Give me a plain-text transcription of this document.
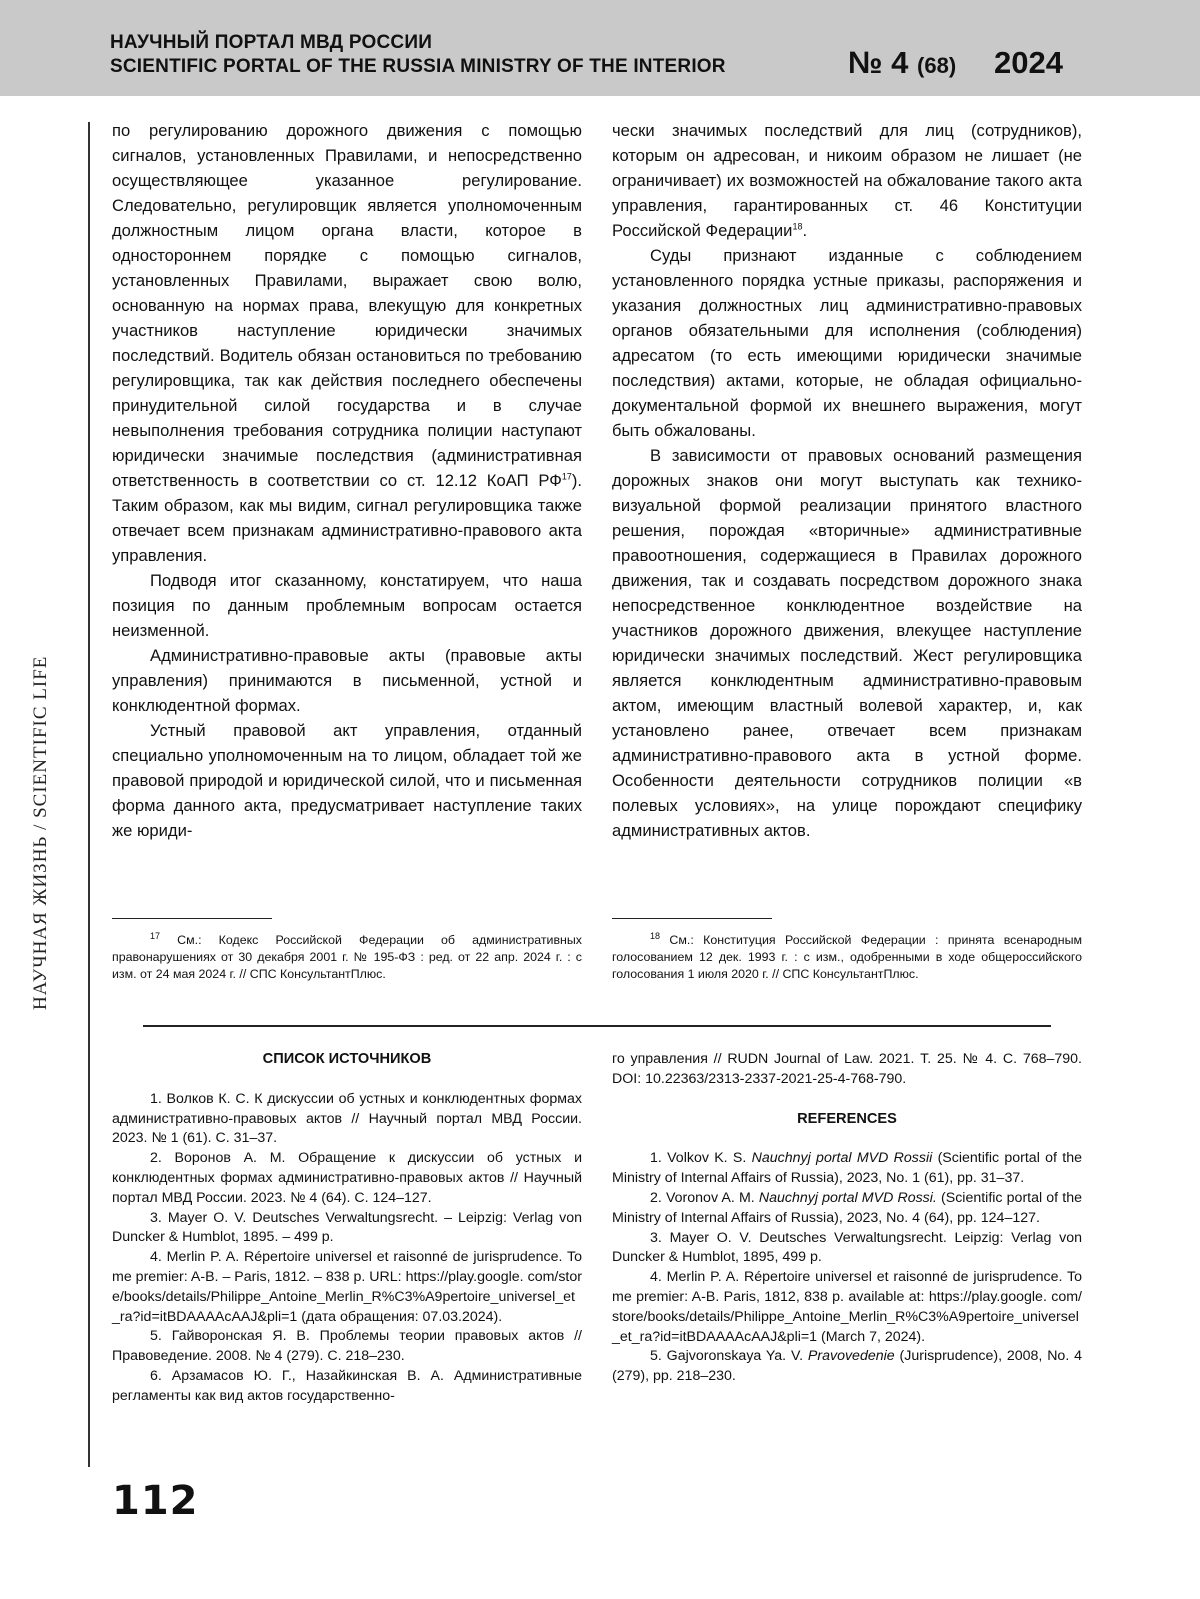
НАУЧНЫЙ ПОРТАЛ МВД РОССИИ
SCIENTIFIC PORTAL OF THE RUSSIA MINISTRY OF THE INTERIOR	№ 4 (68) 2024
НАУЧНАЯ ЖИЗНЬ / SCIENTIFIC LIFE

по регулированию дорожного движения с помощью сигналов, установленных Правилами, и непосредственно осуществляющее указанное регулирование. Следовательно, регулировщик является уполномоченным должностным лицом органа власти, которое в одностороннем порядке с помощью сигналов, установленных Правилами, выражает свою волю, основанную на нормах права, влекущую для конкретных участников наступление юридически значимых последствий. Водитель обязан остановиться по требованию регулировщика, так как действия последнего обеспечены принудительной силой государства и в случае невыполнения требования сотрудника полиции наступают юридически значимые последствия (административная ответственность в соответствии со ст. 12.12 КоАП РФ$^{17}$). Таким образом, как мы видим, сигнал регулировщика также отвечает всем признакам административно-правового акта управления.

Подводя итог сказанному, констатируем, что наша позиция по данным проблемным вопросам остается неизменной.

Административно-правовые акты (правовые акты управления) принимаются в письменной, устной и конклюдентной формах.

Устный правовой акт управления, отданный специально уполномоченным на то лицом, обладает той же правовой природой и юридической силой, что и письменная форма данного акта, предусматривает наступление таких же юриди-

чески значимых последствий для лиц (сотрудников), которым он адресован, и никоим образом не лишает (не ограничивает) их возможностей на обжалование такого акта управления, гарантированных ст. 46 Конституции Российской Федерации$^{18}$.

Суды признают изданные с соблюдением установленного порядка устные приказы, распоряжения и указания должностных лиц административно-правовых органов обязательными для исполнения (соблюдения) адресатом (то есть имеющими юридически значимые последствия) актами, которые, не обладая официально-документальной формой их внешнего выражения, могут быть обжалованы.

В зависимости от правовых оснований размещения дорожных знаков они могут выступать как технико-визуальной формой реализации принятого властного решения, порождая «вторичные» административные правоотношения, содержащиеся в Правилах дорожного движения, так и создавать посредством дорожного знака непосредственное конклюдентное воздействие на участников дорожного движения, влекущее наступление юридически значимых последствий. Жест регулировщика является конклюдентным административно-правовым актом, имеющим властный волевой характер, и, как установлено ранее, отвечает всем признакам административно-правового акта в устной форме. Особенности деятельности сотрудников полиции «в полевых условиях», на улице порождают специфику административных актов.

$^{17}$ См.: Кодекс Российской Федерации об административных правонарушениях от 30 декабря 2001 г. № 195-ФЗ : ред. от 22 апр. 2024 г. : с изм. от 24 мая 2024 г. // СПС КонсультантПлюс.

$^{18}$ См.: Конституция Российской Федерации : принята всенародным голосованием 12 дек. 1993 г. : с изм., одобренными в ходе общероссийского голосования 1 июля 2020 г. // СПС КонсультантПлюс.

СПИСОК ИСТОЧНИКОВ

1. Волков К. С. К дискуссии об устных и конклюдентных формах административно-правовых актов // Научный портал МВД России. 2023. № 1 (61). С. 31–37.

2. Воронов А. М. Обращение к дискуссии об устных и конклюдентных формах административно-правовых актов // Научный портал МВД России. 2023. № 4 (64). С. 124–127.

3. Mayer O. V. Deutsches Verwaltungsrecht. – Leipzig: Verlag von Duncker & Humblot, 1895. – 499 p.

4. Merlin P. A. Répertoire universel et raisonné de jurisprudence. Tome premier: A-B. – Paris, 1812. – 838 p. URL: https://play.google. com/store/books/details/Philippe_Antoine_Merlin_R%C3%A9pertoire_universel_et_ra?id=itBDAAAAcAAJ&pli=1 (дата обращения: 07.03.2024).

5. Гайворонская Я. В. Проблемы теории правовых актов // Правоведение. 2008. № 4 (279). С. 218–230.

6. Арзамасов Ю. Г., Назайкинская В. А. Административные регламенты как вид актов государственно-

го управления // RUDN Journal of Law. 2021. Т. 25. № 4. С. 768–790. DOI: 10.22363/2313-2337-2021-25-4-768-790.

REFERENCES

1. Volkov K. S. Nauchnyj portal MVD Rossii (Scientific portal of the Ministry of Internal Affairs of Russia), 2023, No. 1 (61), pp. 31–37.

2. Voronov A. M. Nauchnyj portal MVD Rossi. (Scientific portal of the Ministry of Internal Affairs of Russia), 2023, No. 4 (64), pp. 124–127.

3. Mayer O. V. Deutsches Verwaltungsrecht. Leipzig: Verlag von Duncker & Humblot, 1895, 499 p.

4. Merlin P. A. Répertoire universel et raisonné de jurisprudence. Tome premier: A-B. Paris, 1812, 838 p. available at: https://play.google. com/store/books/details/Philippe_Antoine_Merlin_R%C3%A9pertoire_universel_et_ra?id=itBDAAAAcAAJ&pli=1 (March 7, 2024).

5. Gajvoronskaya Ya. V. Pravovedenie (Jurisprudence), 2008, No. 4 (279), pp. 218–230.

112
